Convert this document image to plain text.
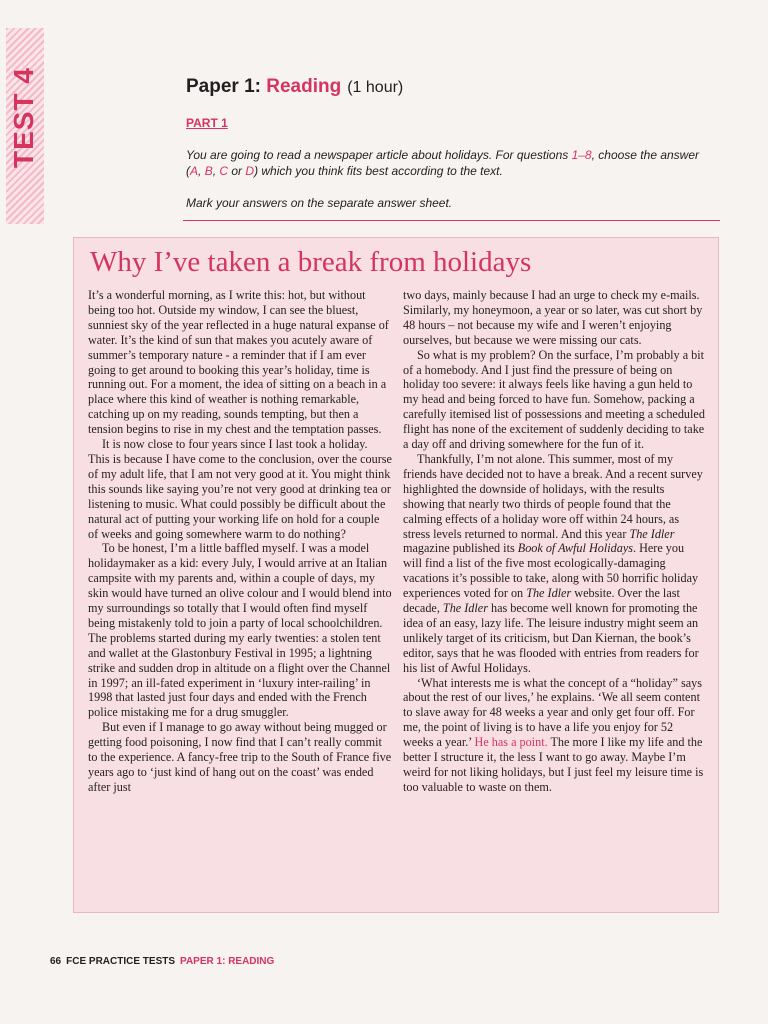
Paper 1: Reading (1 hour)
PART 1
You are going to read a newspaper article about holidays. For questions 1–8, choose the answer (A, B, C or D) which you think fits best according to the text.
Mark your answers on the separate answer sheet.
Why I’ve taken a break from holidays

It’s a wonderful morning, as I write this: hot, but without being too hot. Outside my window, I can see the bluest, sunniest sky of the year reflected in a huge natural expanse of water. It’s the kind of sun that makes you acutely aware of summer’s temporary nature - a reminder that if I am ever going to get around to booking this year’s holiday, time is running out. For a moment, the idea of sitting on a beach in a place where this kind of weather is nothing remarkable, catching up on my reading, sounds tempting, but then a tension begins to rise in my chest and the temptation passes.

It is now close to four years since I last took a holiday. This is because I have come to the conclusion, over the course of my adult life, that I am not very good at it. You might think this sounds like saying you’re not very good at drinking tea or listening to music. What could possibly be difficult about the natural act of putting your working life on hold for a couple of weeks and going somewhere warm to do nothing?

To be honest, I’m a little baffled myself. I was a model holidaymaker as a kid: every July, I would arrive at an Italian campsite with my parents and, within a couple of days, my skin would have turned an olive colour and I would blend into my surroundings so totally that I would often find myself being mistakenly told to join a party of local schoolchildren. The problems started during my early twenties: a stolen tent and wallet at the Glastonbury Festival in 1995; a lightning strike and sudden drop in altitude on a flight over the Channel in 1997; an ill-fated experiment in ‘luxury inter-railing’ in 1998 that lasted just four days and ended with the French police mistaking me for a drug smuggler.

But even if I manage to go away without being mugged or getting food poisoning, I now find that I can’t really commit to the experience. A fancy-free trip to the South of France five years ago to ‘just kind of hang out on the coast’ was ended after just

two days, mainly because I had an urge to check my e-mails. Similarly, my honeymoon, a year or so later, was cut short by 48 hours – not because my wife and I weren’t enjoying ourselves, but because we were missing our cats.

So what is my problem? On the surface, I’m probably a bit of a homebody. And I just find the pressure of being on holiday too severe: it always feels like having a gun held to my head and being forced to have fun. Somehow, packing a carefully itemised list of possessions and meeting a scheduled flight has none of the excitement of suddenly deciding to take a day off and driving somewhere for the fun of it.

Thankfully, I’m not alone. This summer, most of my friends have decided not to have a break. And a recent survey highlighted the downside of holidays, with the results showing that nearly two thirds of people found that the calming effects of a holiday wore off within 24 hours, as stress levels returned to normal. And this year The Idler magazine published its Book of Awful Holidays. Here you will find a list of the five most ecologically-damaging vacations it’s possible to take, along with 50 horrific holiday experiences voted for on The Idler website. Over the last decade, The Idler has become well known for promoting the idea of an easy, lazy life. The leisure industry might seem an unlikely target of its criticism, but Dan Kiernan, the book’s editor, says that he was flooded with entries from readers for his list of Awful Holidays.

‘What interests me is what the concept of a “holiday” says about the rest of our lives,’ he explains. ‘We all seem content to slave away for 48 weeks a year and only get four off. For me, the point of living is to have a life you enjoy for 52 weeks a year.’ He has a point. The more I like my life and the better I structure it, the less I want to go away. Maybe I’m weird for not liking holidays, but I just feel my leisure time is too valuable to waste on them.

66 FCE PRACTICE TESTS PAPER 1: READING
